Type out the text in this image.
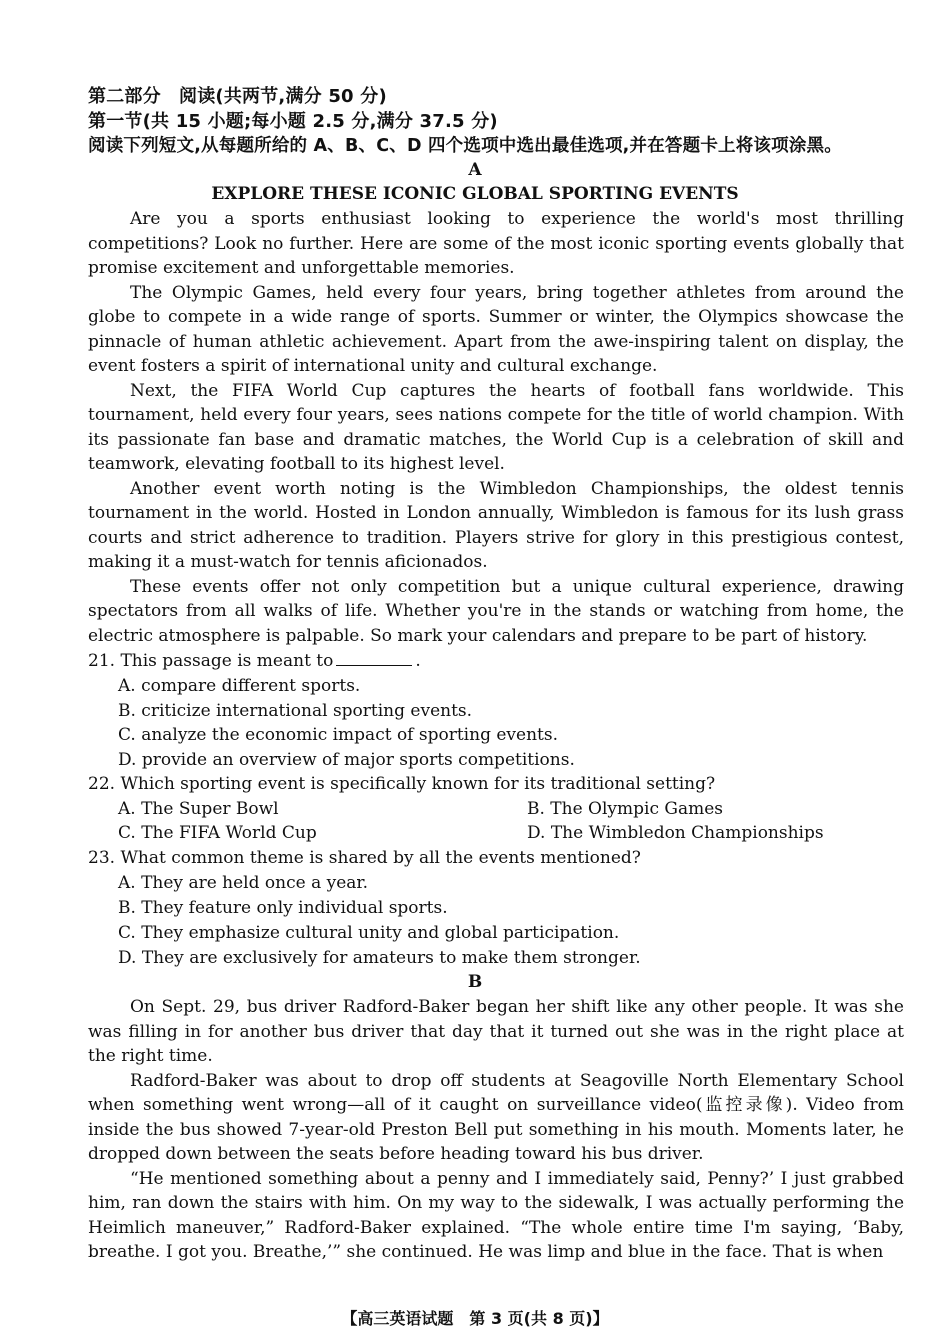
第二部分　阅读(共两节,满分 50 分)
第一节(共 15 小题;每小题 2.5 分,满分 37.5 分)
阅读下列短文,从每题所给的 A、B、C、D 四个选项中选出最佳选项,并在答题卡上将该项涂黑。
A
EXPLORE THESE ICONIC GLOBAL SPORTING EVENTS

Are you a sports enthusiast looking to experience the world's most thrilling competitions? Look no further. Here are some of the most iconic sporting events globally that promise excitement and unforgettable memories.

The Olympic Games, held every four years, bring together athletes from around the globe to compete in a wide range of sports. Summer or winter, the Olympics showcase the pinnacle of human athletic achievement. Apart from the awe-inspiring talent on display, the event fosters a spirit of international unity and cultural exchange.

Next, the FIFA World Cup captures the hearts of football fans worldwide. This tournament, held every four years, sees nations compete for the title of world champion. With its passionate fan base and dramatic matches, the World Cup is a celebration of skill and teamwork, elevating football to its highest level.

Another event worth noting is the Wimbledon Championships, the oldest tennis tournament in the world. Hosted in London annually, Wimbledon is famous for its lush grass courts and strict adherence to tradition. Players strive for glory in this prestigious contest, making it a must-watch for tennis aficionados.

These events offer not only competition but a unique cultural experience, drawing spectators from all walks of life. Whether you're in the stands or watching from home, the electric atmosphere is palpable. So mark your calendars and prepare to be part of history.

21. This passage is meant to	.
A. compare different sports.
B. criticize international sporting events.
C. analyze the economic impact of sporting events.
D. provide an overview of major sports competitions.
22. Which sporting event is specifically known for its traditional setting?
A. The Super Bowl	B. The Olympic Games
C. The FIFA World Cup	D. The Wimbledon Championships
23. What common theme is shared by all the events mentioned?
A. They are held once a year.
B. They feature only individual sports.
C. They emphasize cultural unity and global participation.
D. They are exclusively for amateurs to make them stronger.
B

On Sept. 29, bus driver Radford-Baker began her shift like any other people. It was she was filling in for another bus driver that day that it turned out she was in the right place at the right time.

Radford-Baker was about to drop off students at Seagoville North Elementary School when something went wrong—all of it caught on surveillance video(监控录像). Video from inside the bus showed 7-year-old Preston Bell put something in his mouth. Moments later, he dropped down between the seats before heading toward his bus driver.

“He mentioned something about a penny and I immediately said, Penny?’ I just grabbed him, ran down the stairs with him. On my way to the sidewalk, I was actually performing the Heimlich maneuver,” Radford-Baker explained. “The whole entire time I'm saying, ‘Baby, breathe. I got you. Breathe,’” she continued. He was limp and blue in the face. That is when

【高三英语试题　第 3 页(共 8 页)】
